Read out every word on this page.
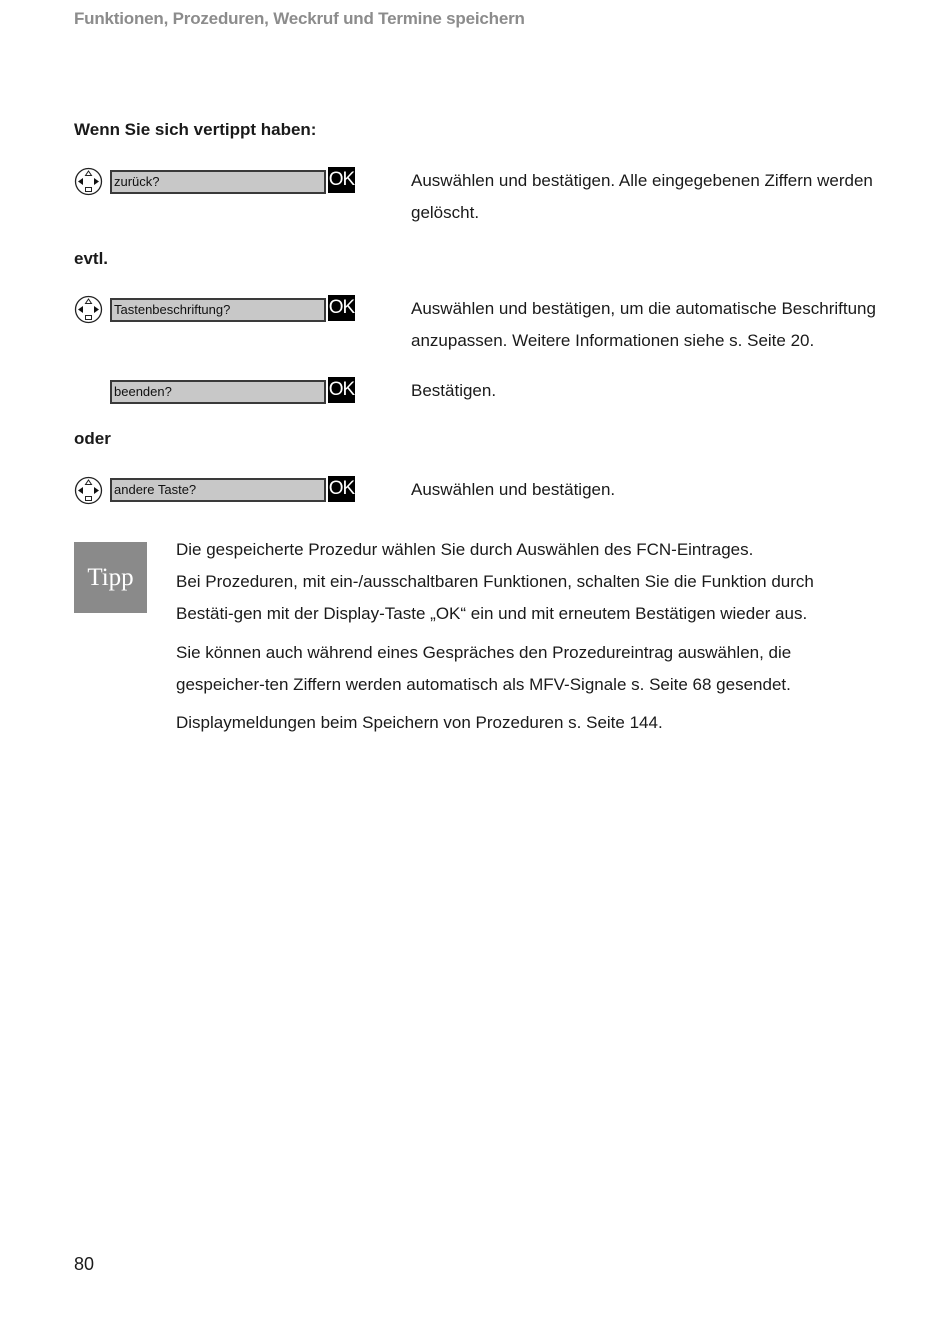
Funktionen, Prozeduren, Weckruf und Termine speichern
Wenn Sie sich vertippt haben:
zurück?	OK	Auswählen und bestätigen. Alle eingegebenen Ziffern werden gelöscht.
evtl.
Tastenbeschriftung?	OK	Auswählen und bestätigen, um die automatische Beschriftung anzupassen. Weitere Informationen siehe s. Seite 20.
beenden?	OK	Bestätigen.
oder
andere Taste?	OK	Auswählen und bestätigen.
Tipp
Die gespeicherte Prozedur wählen Sie durch Auswählen des FCN-Eintrages.
Bei Prozeduren, mit ein-/ausschaltbaren Funktionen, schalten Sie die Funktion durch Bestäti-gen mit der Display-Taste „OK“ ein und mit erneutem Bestätigen wieder aus.
Sie können auch während eines Gespräches den Prozedureintrag auswählen, die gespeicher-ten Ziffern werden automatisch als MFV-Signale s. Seite 68 gesendet.
Displaymeldungen beim Speichern von Prozeduren s. Seite 144.
80
